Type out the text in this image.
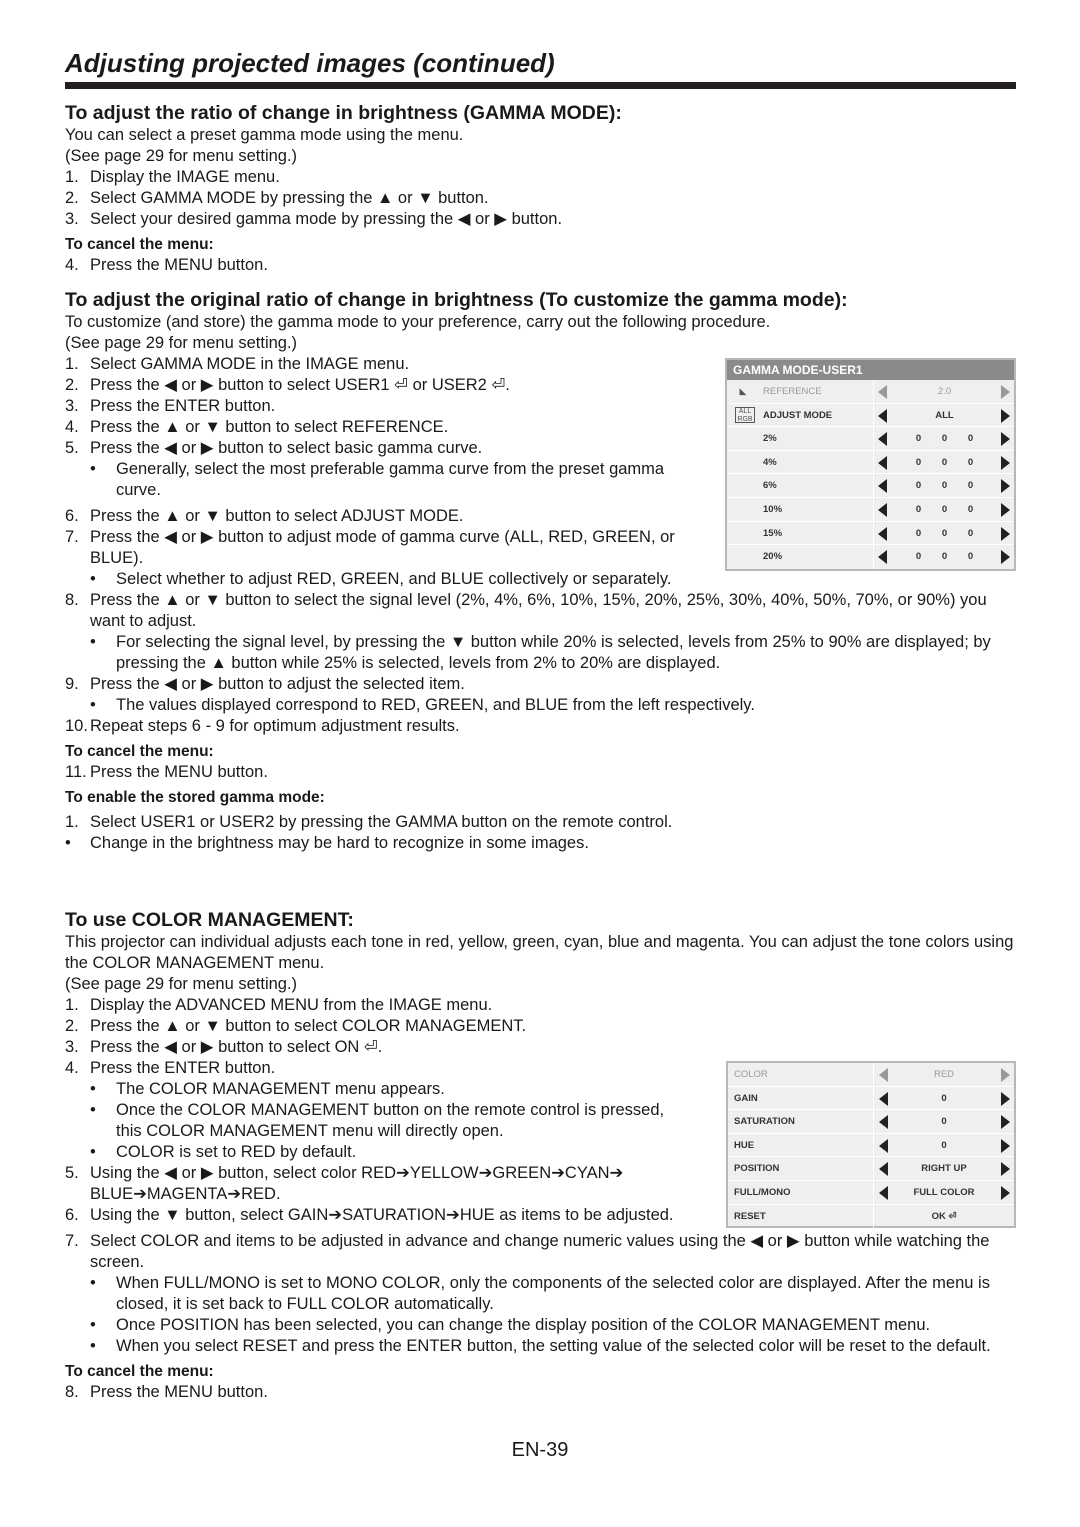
Adjusting projected images (continued)
To adjust the ratio of change in brightness (GAMMA MODE):
You can select a preset gamma mode using the menu.
(See page 29 for menu setting.)
1. Display the IMAGE menu.
2. Select GAMMA MODE by pressing the ▲ or ▼ button.
3. Select your desired gamma mode by pressing the ◀ or ▶ button.
To cancel the menu:
4. Press the MENU button.
To adjust the original ratio of change in brightness (To customize the gamma mode):
To customize (and store) the gamma mode to your preference, carry out the following procedure.
(See page 29 for menu setting.)
1. Select GAMMA MODE in the IMAGE menu.
2. Press the ◀ or ▶ button to select USER1 ⏎ or USER2 ⏎.
3. Press the ENTER button.
4. Press the ▲ or ▼ button to select REFERENCE.
5. Press the ◀ or ▶ button to select basic gamma curve.
• Generally, select the most preferable gamma curve from the preset gamma curve.
6. Press the ▲ or ▼ button to select ADJUST MODE.
7. Press the ◀ or ▶ button to adjust mode of gamma curve (ALL, RED, GREEN, or BLUE).
• Select whether to adjust RED, GREEN, and BLUE collectively or separately.
8. Press the ▲ or ▼ button to select the signal level (2%, 4%, 6%, 10%, 15%, 20%, 25%, 30%, 40%, 50%, 70%, or 90%) you want to adjust.
• For selecting the signal level, by pressing the ▼ button while 20% is selected, levels from 25% to 90% are displayed; by pressing the ▲ button while 25% is selected, levels from 2% to 20% are displayed.
9. Press the ◀ or ▶ button to adjust the selected item.
• The values displayed correspond to RED, GREEN, and BLUE from the left respectively.
10. Repeat steps 6 - 9 for optimum adjustment results.
To cancel the menu:
11. Press the MENU button.
To enable the stored gamma mode:
1. Select USER1 or USER2 by pressing the GAMMA button on the remote control.
• Change in the brightness may be hard to recognize in some images.
GAMMA MODE-USER1
◣	REFERENCE	2.0
ALL
RGB ADJUST MODE	ALL
2%	0 0 0
4%	0 0 0
6%	0 0 0
10%	0 0 0
15%	0 0 0
20%	0 0 0
To use COLOR MANAGEMENT:
This projector can individual adjusts each tone in red, yellow, green, cyan, blue and magenta. You can adjust the tone colors using the COLOR MANAGEMENT menu.
(See page 29 for menu setting.)
1. Display the ADVANCED MENU from the IMAGE menu.
2. Press the ▲ or ▼ button to select COLOR MANAGEMENT.
3. Press the ◀ or ▶ button to select ON ⏎.
4. Press the ENTER button.
• The COLOR MANAGEMENT menu appears.
• Once the COLOR MANAGEMENT button on the remote control is pressed, this COLOR MANAGEMENT menu will directly open.
• COLOR is set to RED by default.
5. Using the ◀ or ▶ button, select color RED➔YELLOW➔GREEN➔CYAN➔ BLUE➔MAGENTA➔RED.
6. Using the ▼ button, select GAIN➔SATURATION➔HUE as items to be adjusted.
7. Select COLOR and items to be adjusted in advance and change numeric values using the ◀ or ▶ button while watching the screen.
• When FULL/MONO is set to MONO COLOR, only the components of the selected color are displayed. After the menu is closed, it is set back to FULL COLOR automatically.
• Once POSITION has been selected, you can change the display position of the COLOR MANAGEMENT menu.
• When you select RESET and press the ENTER button, the setting value of the selected color will be reset to the default.
To cancel the menu:
8. Press the MENU button.
COLOR	RED
GAIN	0
SATURATION	0
HUE	0
POSITION	RIGHT UP
FULL/MONO	FULL COLOR
RESET	OK ⏎
EN-39
